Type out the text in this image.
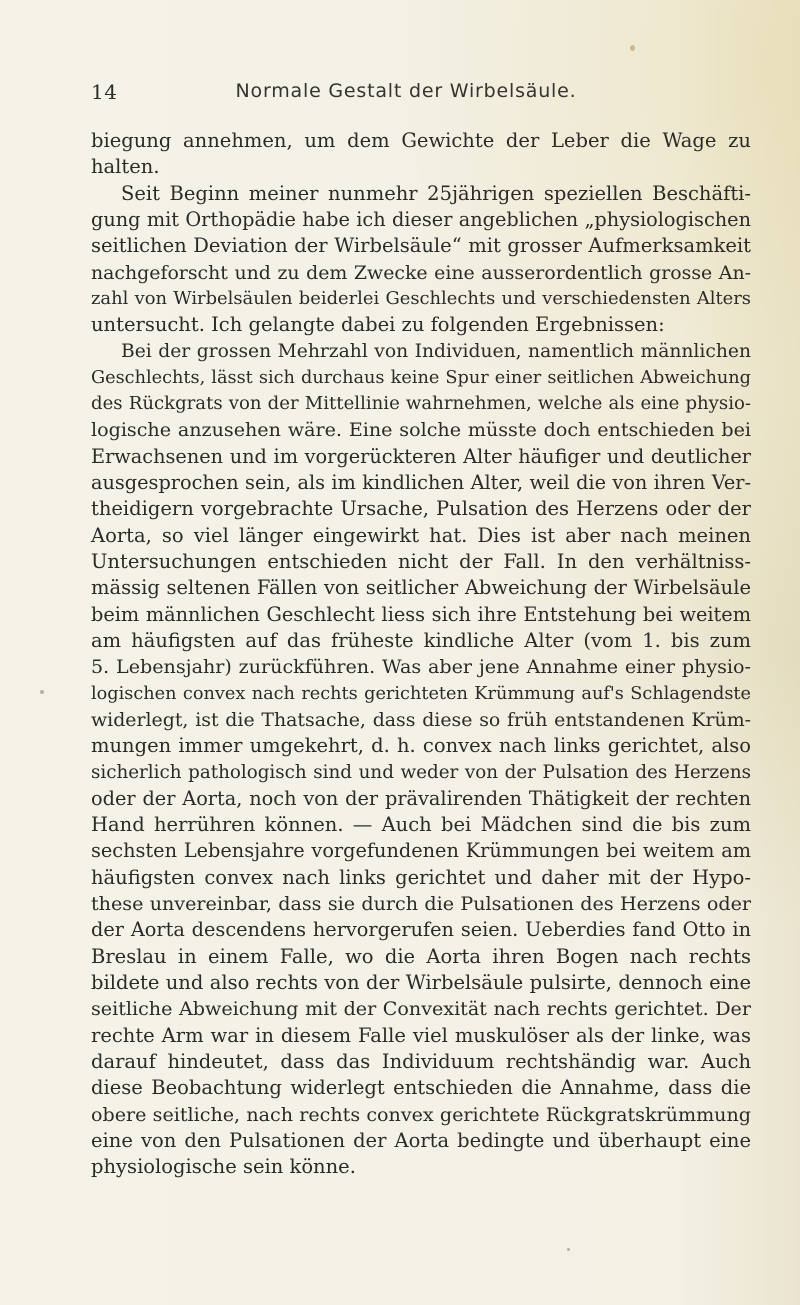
14	Normale Gestalt der Wirbelsäule.
biegung annehmen, um dem Gewichte der Leber die Wage zu
halten.
Seit Beginn meiner nunmehr 25jährigen speziellen Beschäfti-
gung mit Orthopädie habe ich dieser angeblichen „physiologischen
seitlichen Deviation der Wirbelsäule“ mit grosser Aufmerksamkeit
nachgeforscht und zu dem Zwecke eine ausserordentlich grosse An-
zahl von Wirbelsäulen beiderlei Geschlechts und verschiedensten Alters
untersucht. Ich gelangte dabei zu folgenden Ergebnissen:
Bei der grossen Mehrzahl von Individuen, namentlich männlichen
Geschlechts, lässt sich durchaus keine Spur einer seitlichen Abweichung
des Rückgrats von der Mittellinie wahrnehmen, welche als eine physio-
logische anzusehen wäre. Eine solche müsste doch entschieden bei
Erwachsenen und im vorgerückteren Alter häufiger und deutlicher
ausgesprochen sein, als im kindlichen Alter, weil die von ihren Ver-
theidigern vorgebrachte Ursache, Pulsation des Herzens oder der
Aorta, so viel länger eingewirkt hat. Dies ist aber nach meinen
Untersuchungen entschieden nicht der Fall. In den verhältniss-
mässig seltenen Fällen von seitlicher Abweichung der Wirbelsäule
beim männlichen Geschlecht liess sich ihre Entstehung bei weitem
am häufigsten auf das früheste kindliche Alter (vom 1. bis zum
5. Lebensjahr) zurückführen. Was aber jene Annahme einer physio-
logischen convex nach rechts gerichteten Krümmung auf's Schlagendste
widerlegt, ist die Thatsache, dass diese so früh entstandenen Krüm-
mungen immer umgekehrt, d. h. convex nach links gerichtet, also
sicherlich pathologisch sind und weder von der Pulsation des Herzens
oder der Aorta, noch von der prävalirenden Thätigkeit der rechten
Hand herrühren können. — Auch bei Mädchen sind die bis zum
sechsten Lebensjahre vorgefundenen Krümmungen bei weitem am
häufigsten convex nach links gerichtet und daher mit der Hypo-
these unvereinbar, dass sie durch die Pulsationen des Herzens oder
der Aorta descendens hervorgerufen seien. Ueberdies fand Otto in
Breslau in einem Falle, wo die Aorta ihren Bogen nach rechts
bildete und also rechts von der Wirbelsäule pulsirte, dennoch eine
seitliche Abweichung mit der Convexität nach rechts gerichtet. Der
rechte Arm war in diesem Falle viel muskulöser als der linke, was
darauf hindeutet, dass das Individuum rechtshändig war. Auch
diese Beobachtung widerlegt entschieden die Annahme, dass die
obere seitliche, nach rechts convex gerichtete Rückgratskrümmung
eine von den Pulsationen der Aorta bedingte und überhaupt eine
physiologische sein könne.
